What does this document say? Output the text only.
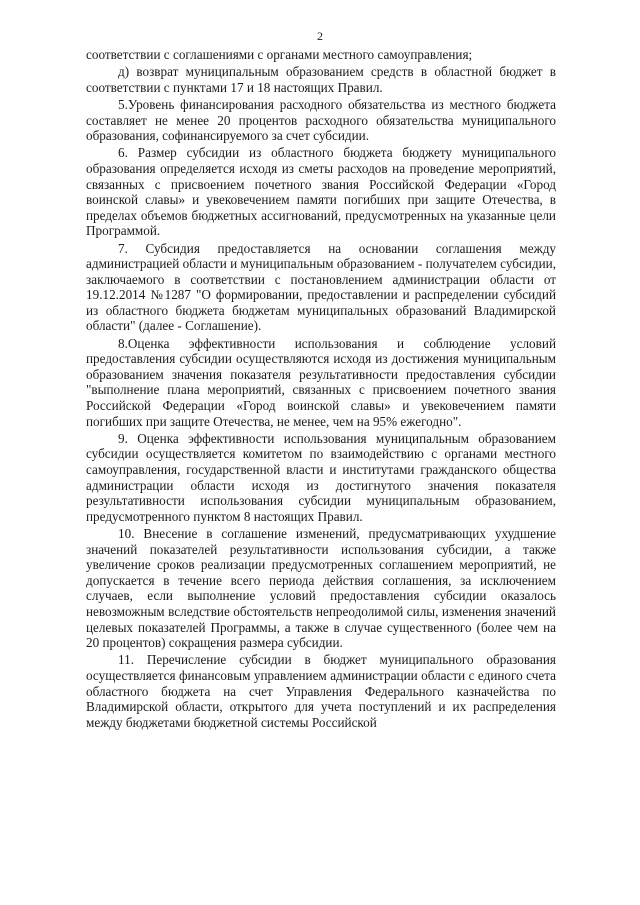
2

соответствии с соглашениями с органами местного самоуправления;

д) возврат муниципальным образованием средств в областной бюджет в соответствии с пунктами 17 и 18 настоящих Правил.

5.Уровень финансирования расходного обязательства из местного бюджета составляет не менее 20 процентов расходного обязательства муниципального образования, софинансируемого за счет субсидии.

6. Размер субсидии из областного бюджета бюджету муниципального образования определяется исходя из сметы расходов на проведение мероприятий, связанных с присвоением почетного звания Российской Федерации «Город воинской славы» и увековечением памяти погибших при защите Отечества, в пределах объемов бюджетных ассигнований, предусмотренных на указанные цели Программой.

7. Субсидия предоставляется на основании соглашения между администрацией области и муниципальным образованием - получателем субсидии, заключаемого в соответствии с постановлением администрации области от 19.12.2014 №1287 "О формировании, предоставлении и распределении субсидий из областного бюджета бюджетам муниципальных образований Владимирской области" (далее - Соглашение).

8.Оценка эффективности использования и соблюдение условий предоставления субсидии осуществляются исходя из достижения муниципальным образованием значения показателя результативности предоставления субсидии "выполнение плана мероприятий, связанных с присвоением почетного звания Российской Федерации «Город воинской славы» и увековечением памяти погибших при защите Отечества, не менее, чем на 95% ежегодно".

9. Оценка эффективности использования муниципальным образованием субсидии осуществляется комитетом по взаимодействию с органами местного самоуправления, государственной власти и институтами гражданского общества администрации области исходя из достигнутого значения показателя результативности использования субсидии муниципальным образованием, предусмотренного пунктом 8 настоящих Правил.

10. Внесение в соглашение изменений, предусматривающих ухудшение значений показателей результативности использования субсидии, а также увеличение сроков реализации предусмотренных соглашением мероприятий, не допускается в течение всего периода действия соглашения, за исключением случаев, если выполнение условий предоставления субсидии оказалось невозможным вследствие обстоятельств непреодолимой силы, изменения значений целевых показателей Программы, а также в случае существенного (более чем на 20 процентов) сокращения размера субсидии.

11. Перечисление субсидии в бюджет муниципального образования осуществляется финансовым управлением администрации области с единого счета областного бюджета на счет Управления Федерального казначейства по Владимирской области, открытого для учета поступлений и их распределения между бюджетами бюджетной системы Российской
